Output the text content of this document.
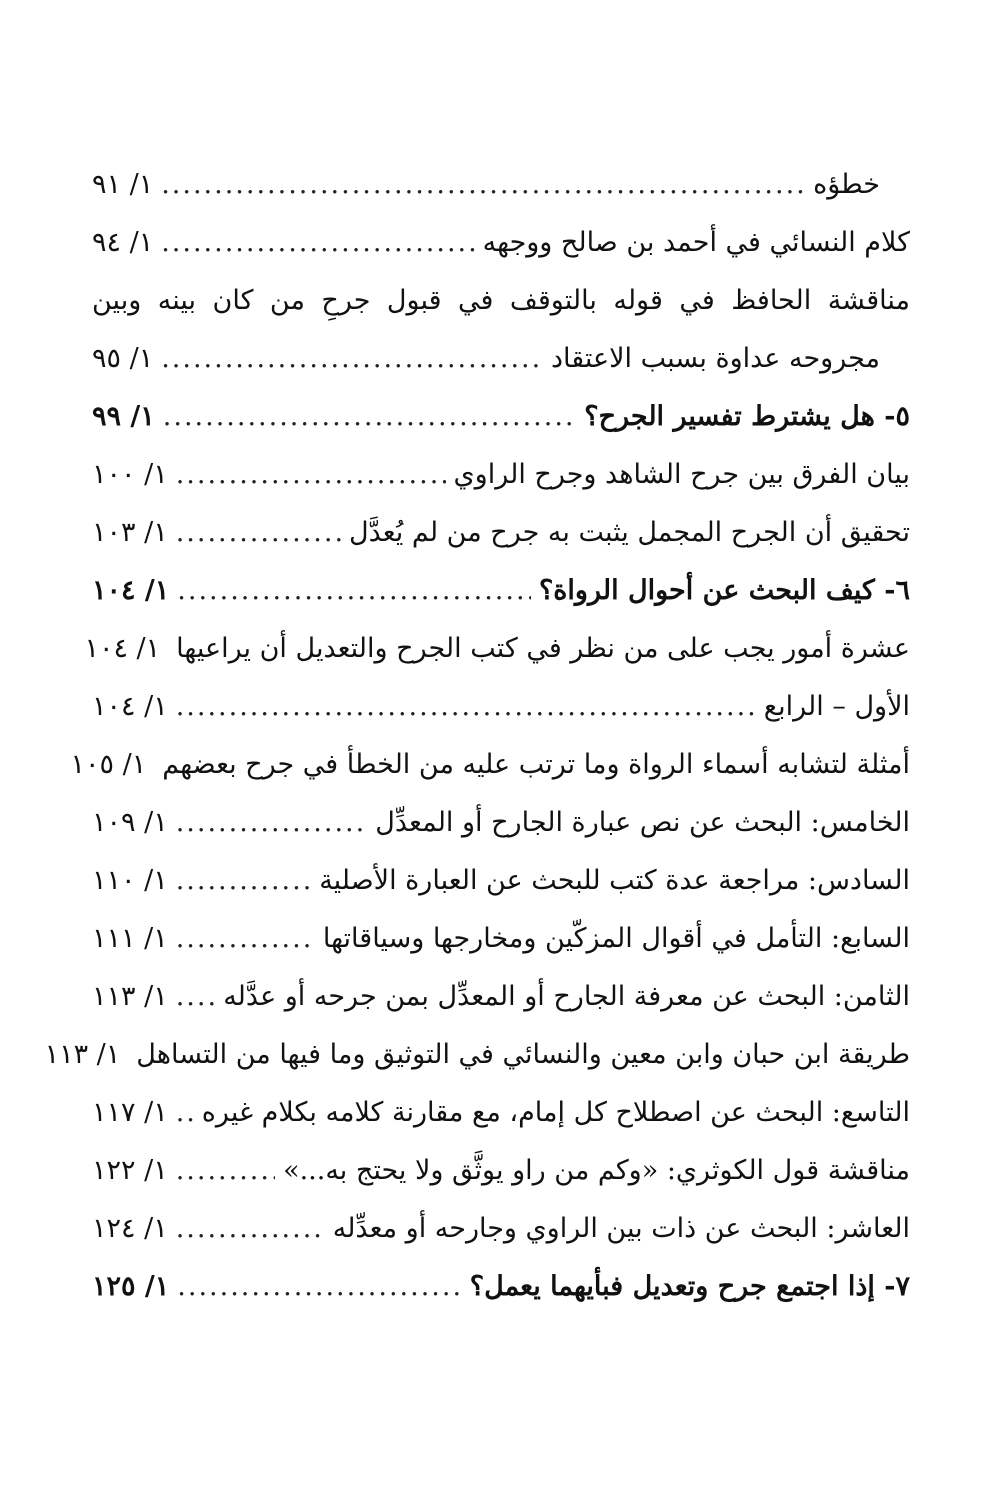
خطؤه
.....
١/ ٩١
كلام النسائي في أحمد بن صالح ووجهه
.....
١/ ٩٤
مناقشة الحافظ في قوله بالتوقف في قبول جرحِ من كان بينه وبين
مجروحه عداوة بسبب الاعتقاد
.....
١/ ٩٥
٥- هل يشترط تفسير الجرح؟
.....
١/ ٩٩
بيان الفرق بين جرح الشاهد وجرح الراوي
.....
١/ ١٠٠
تحقيق أن الجرح المجمل يثبت به جرح من لم يُعدَّل
.....
١/ ١٠٣
٦- كيف البحث عن أحوال الرواة؟
.....
١/ ١٠٤
عشرة أمور يجب على من نظر في كتب الجرح والتعديل أن يراعيها
١/ ١٠٤
الأول – الرابع
.....
١/ ١٠٤
أمثلة لتشابه أسماء الرواة وما ترتب عليه من الخطأ في جرح بعضهم
١/ ١٠٥
الخامس: البحث عن نص عبارة الجارح أو المعدِّل
.....
١/ ١٠٩
السادس: مراجعة عدة كتب للبحث عن العبارة الأصلية
.....
١/ ١١٠
السابع: التأمل في أقوال المزكّين ومخارجها وسياقاتها
.....
١/ ١١١
الثامن: البحث عن معرفة الجارح أو المعدِّل بمن جرحه أو عدَّله
.....
١/ ١١٣
طريقة ابن حبان وابن معين والنسائي في التوثيق وما فيها من التساهل
١/ ١١٣
التاسع: البحث عن اصطلاح كل إمام، مع مقارنة كلامه بكلام غيره
.....
١/ ١١٧
مناقشة قول الكوثري: «وكم من راو يوثَّق ولا يحتج به...»
.....
١/ ١٢٢
العاشر: البحث عن ذات بين الراوي وجارحه أو معدِّله
.....
١/ ١٢٤
٧- إذا اجتمع جرح وتعديل فبأيهما يعمل؟
.....
١/ ١٢٥
